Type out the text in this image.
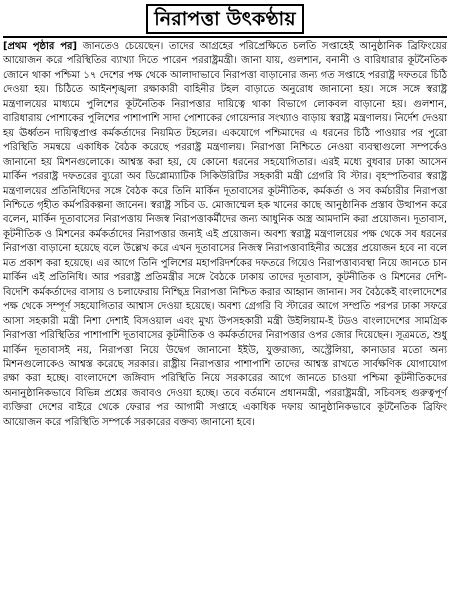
নিরাপত্তা উৎকণ্ঠায়
[প্রথম পৃষ্ঠার পর] জানতেও চেয়েছেন। তাদের আগ্রহের পরিপ্রেক্ষিতে চলতি সপ্তাহেই আনুষ্ঠানিক ব্রিফিংয়ের আয়োজন করে পরিস্থিতির ব্যাখ্যা দিতে পারেন পররাষ্ট্রমন্ত্রী। জানা যায়, গুলশান, বনানী ও বারিধারার কূটনৈতিক জোনে থাকা পশ্চিমা ১৭ দেশের পক্ষ থেকে আলাদাভাবে নিরাপত্তা বাড়ানোর জন্য গত সপ্তাহে পররাষ্ট্র দফতরে চিঠি দেওয়া হয়। চিঠিতে আইনশৃঙ্খলা রক্ষাকারী বাহিনীর টহল বাড়াতে অনুরোধ জানানো হয়। সঙ্গে সঙ্গে স্বরাষ্ট্র মন্ত্রণালয়ের মাধ্যমে পুলিশের কূটনৈতিক নিরাপত্তার দায়িত্বে থাকা বিভাগে লোকবল বাড়ানো হয়। গুলশান, বারিধারায় পোশাকের পুলিশের পাশাপাশি সাদা পোশাকের গোয়েন্দার সংখ্যাও বাড়ায় স্বরাষ্ট্র মন্ত্রণালয়। নির্দেশ দেওয়া হয় ঊর্ধ্বতন দায়িত্বপ্রাপ্ত কর্মকর্তাদের নিয়মিত টহলের। একযোগে পশ্চিমাদের এ ধরনের চিঠি পাওয়ার পর পুরো পরিস্থিতি সমন্বয়ে একাধিক বৈঠক করেছে পররাষ্ট্র মন্ত্রণালয়। নিরাপত্তা নিশ্চিতে নেওয়া ব্যবস্থাগুলো সম্পর্কেও জানানো হয় মিশনগুলোকে। আশ্বস্ত করা হয়, যে কোনো ধরনের সহযোগিতার। এরই মধ্যে বুধবার ঢাকা আসেন মার্কিন পররাষ্ট্র দফতরের ব্যুরো অব ডিপ্লোম্যাটিক সিকিউরিটির সহকারী মন্ত্রী গ্রেগরি বি স্টার। বৃহস্পতিবার স্বরাষ্ট্র মন্ত্রণালয়ের প্রতিনিধিদের সঙ্গে বৈঠক করে তিনি মার্কিন দূতাবাসের কূটনীতিক, কর্মকর্তা ও সব কর্মচারীর নিরাপত্তা নিশ্চিতে গৃহীত কর্মপরিকল্পনা জানেন। স্বরাষ্ট্র সচিব ড. মোজাম্মেল হক খানের কাছে আনুষ্ঠানিক প্রস্তাব উত্থাপন করে বলেন, মার্কিন দূতাবাসের নিরাপত্তায় নিজস্ব নিরাপত্তাকর্মীদের জন্য আধুনিক অস্ত্র আমদানি করা প্রয়োজন। দূতাবাস, কূটনীতিক ও মিশনের কর্মকর্তাদের নিরাপত্তার জন্যই এই প্রয়োজন। অবশ্য স্বরাষ্ট্র মন্ত্রণালয়ের পক্ষ থেকে সব ধরনের নিরাপত্তা বাড়ানো হয়েছে বলে উল্লেখ করে এখন দূতাবাসের নিজস্ব নিরাপত্তাবাহিনীর অস্ত্রের প্রয়োজন হবে না বলে মত প্রকাশ করা হয়েছে। এর আগে তিনি পুলিশের মহাপরিদর্শকের দফতরে গিয়েও নিরাপত্তাব্যবস্থা নিয়ে জানতে চান মার্কিন এই প্রতিনিধি। আর পররাষ্ট্র প্রতিমন্ত্রীর সঙ্গে বৈঠকে ঢাকায় তাদের দূতাবাস, কূটনীতিক ও মিশনের দেশি-বিদেশি কর্মকর্তাদের বাসায় ও চলাফেরায় নিশ্ছিদ্র নিরাপত্তা নিশ্চিত করার আহ্বান জানান। সব বৈঠকেই বাংলাদেশের পক্ষ থেকে সম্পূর্ণ সহযোগিতার আশ্বাস দেওয়া হয়েছে। অবশ্য গ্রেগরি বি স্টারের আগে সম্প্রতি পরপর ঢাকা সফরে আসা সহকারী মন্ত্রী নিশা দেশাই বিসওয়াল এবং মুখ্য উপসহকারী মন্ত্রী উইলিয়াম-ই টডও বাংলাদেশের সামগ্রিক নিরাপত্তা পরিস্থিতির পাশাপাশি দূতাবাসের কূটনীতিক ও কর্মকর্তাদের নিরাপত্তার ওপর জোর দিয়েছেন। সূত্রমতে, শুধু মার্কিন দূতাবাসই নয়, নিরাপত্তা নিয়ে উদ্বেগ জানানো ইইউ, যুক্তরাজ্য, অস্ট্রেলিয়া, কানাডার মতো অন্য মিশনগুলোকেও আশ্বস্ত করেছে সরকার। রাষ্ট্রীয় নিরাপত্তার পাশাপাশি তাদের আশ্বস্ত রাখতে সার্বক্ষণিক যোগাযোগ রক্ষা করা হচ্ছে। বাংলাদেশে জঙ্গিবাদ পরিস্থিতি নিয়ে সরকারের আগে জানতে চাওয়া পশ্চিমা কূটনীতিকদের অনানুষ্ঠানিকভাবে বিভিন্ন প্রশ্নের জবাবও দেওয়া হচ্ছে। তবে বর্তমানে প্রধানমন্ত্রী, পররাষ্ট্রমন্ত্রী, সচিবসহ গুরুত্বপূর্ণ ব্যক্তিরা দেশের বাইরে থেকে ফেরার পর আগামী সপ্তাহে একাধিক দফায় আনুষ্ঠানিকভাবে কূটনৈতিক ব্রিফিং আয়োজন করে পরিস্থিতি সম্পর্কে সরকারের বক্তব্য জানানো হবে।
